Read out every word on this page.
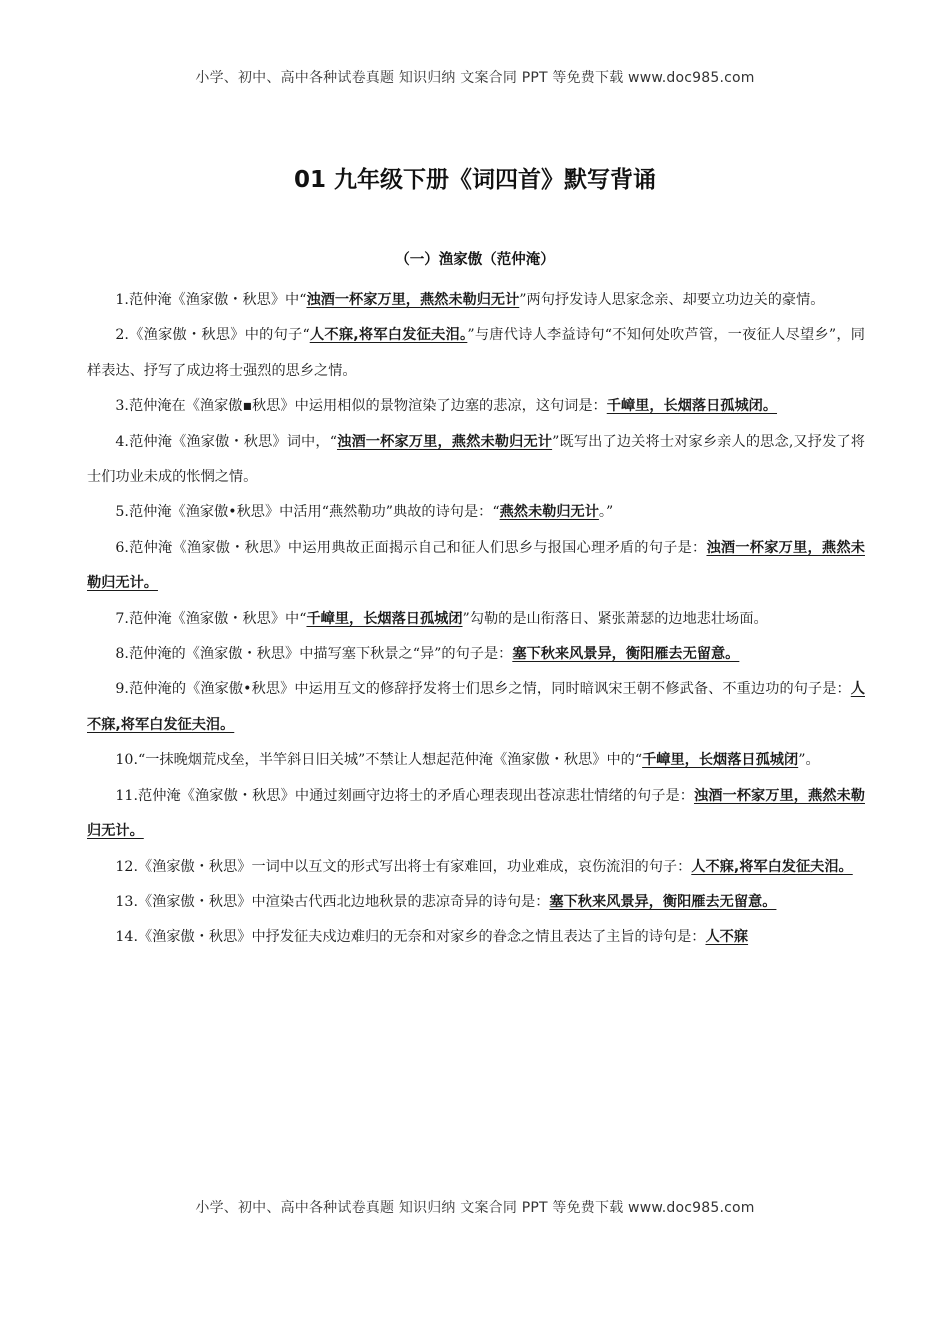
小学、初中、高中各种试卷真题 知识归纳 文案合同 PPT 等免费下载 www.doc985.com
01 九年级下册《词四首》默写背诵
（一）渔家傲（范仲淹）

1.范仲淹《渔家傲・秋思》中“浊酒一杯家万里，燕然未勒归无计”两句抒发诗人思家念亲、却要立功边关的豪情。

2.《渔家傲・秋思》中的句子“人不寐,将军白发征夫泪。”与唐代诗人李益诗句“不知何处吹芦管，一夜征人尽望乡”，同样表达、抒写了成边将士强烈的思乡之情。

3.范仲淹在《渔家傲▪秋思》中运用相似的景物渲染了边塞的悲凉，这句词是：千嶂里，长烟落日孤城闭。

4.范仲淹《渔家傲・秋思》词中，“浊酒一杯家万里，燕然未勒归无计”既写出了边关将士对家乡亲人的思念,又抒发了将士们功业未成的怅惘之情。

5.范仲淹《渔家傲•秋思》中活用“燕然勒功”典故的诗句是：“燕然未勒归无计。”

6.范仲淹《渔家傲・秋思》中运用典故正面揭示自己和征人们思乡与报国心理矛盾的句子是：浊酒一杯家万里，燕然未勒归无计。

7.范仲淹《渔家傲・秋思》中“千嶂里，长烟落日孤城闭”勾勒的是山衔落日、紧张萧瑟的边地悲壮场面。

8.范仲淹的《渔家傲・秋思》中描写塞下秋景之“异”的句子是：塞下秋来风景异，衡阳雁去无留意。

9.范仲淹的《渔家傲•秋思》中运用互文的修辞抒发将士们思乡之情，同时暗讽宋王朝不修武备、不重边功的句子是：人不寐,将军白发征夫泪。

10.“一抹晚烟荒戍垒，半竿斜日旧关城”不禁让人想起范仲淹《渔家傲・秋思》中的“千嶂里，长烟落日孤城闭”。

11.范仲淹《渔家傲・秋思》中通过刻画守边将士的矛盾心理表现出苍凉悲壮情绪的句子是：浊酒一杯家万里，燕然未勒归无计。

12.《渔家傲・秋思》一词中以互文的形式写出将士有家难回，功业难成，哀伤流泪的句子：人不寐,将军白发征夫泪。

13.《渔家傲・秋思》中渲染古代西北边地秋景的悲凉奇异的诗句是：塞下秋来风景异，衡阳雁去无留意。

14.《渔家傲・秋思》中抒发征夫戍边难归的无奈和对家乡的眷念之情且表达了主旨的诗句是：人不寐

小学、初中、高中各种试卷真题 知识归纳 文案合同 PPT 等免费下载 www.doc985.com
